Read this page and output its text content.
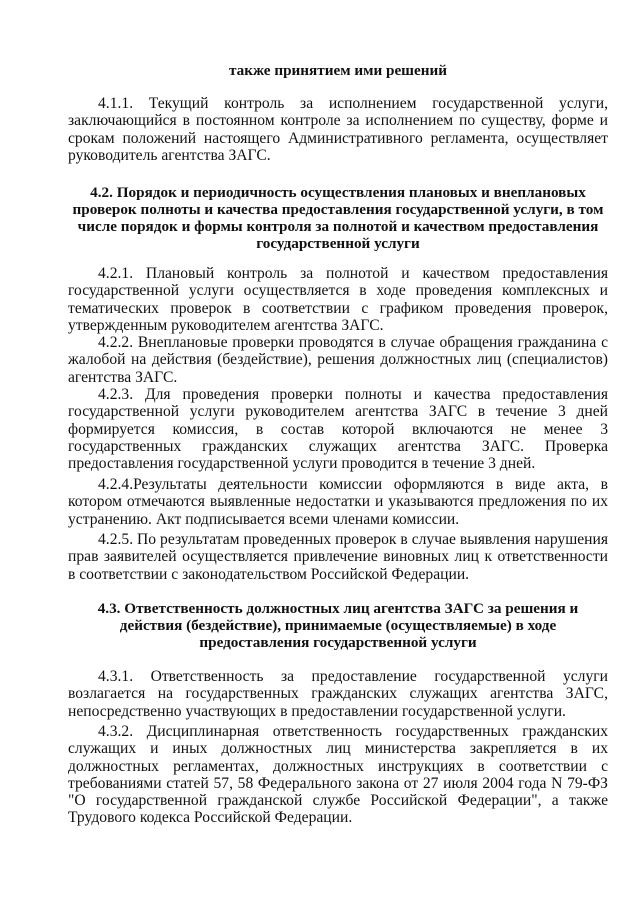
также принятием ими решений

4.1.1. Текущий контроль за исполнением государственной услуги, заключающийся в постоянном контроле за исполнением по существу, форме и срокам положений настоящего Административного регламента, осуществляет руководитель агентства ЗАГС.

4.2. Порядок и периодичность осуществления плановых и внеплановых проверок полноты и качества предоставления государственной услуги, в том числе порядок и формы контроля за полнотой и качеством предоставления государственной услуги

4.2.1. Плановый контроль за полнотой и качеством предоставления государственной услуги осуществляется в ходе проведения комплексных и тематических проверок в соответствии с графиком проведения проверок, утвержденным руководителем агентства ЗАГС.

4.2.2. Внеплановые проверки проводятся в случае обращения гражданина с жалобой на действия (бездействие), решения должностных лиц (специалистов) агентства ЗАГС.

4.2.3. Для проведения проверки полноты и качества предоставления государственной услуги руководителем агентства ЗАГС в течение 3 дней формируется комиссия, в состав которой включаются не менее 3 государственных гражданских служащих агентства ЗАГС. Проверка предоставления государственной услуги проводится в течение 3 дней.

4.2.4.Результаты деятельности комиссии оформляются в виде акта, в котором отмечаются выявленные недостатки и указываются предложения по их устранению. Акт подписывается всеми членами комиссии.

4.2.5. По результатам проведенных проверок в случае выявления нарушения прав заявителей осуществляется привлечение виновных лиц к ответственности в соответствии с законодательством Российской Федерации.

4.3. Ответственность должностных лиц агентства ЗАГС за решения и действия (бездействие), принимаемые (осуществляемые) в ходе предоставления государственной услуги

4.3.1. Ответственность за предоставление государственной услуги возлагается на государственных гражданских служащих агентства ЗАГС, непосредственно участвующих в предоставлении государственной услуги.

4.3.2. Дисциплинарная ответственность государственных гражданских служащих и иных должностных лиц министерства закрепляется в их должностных регламентах, должностных инструкциях в соответствии с требованиями статей 57, 58 Федерального закона от 27 июля 2004 года N 79-ФЗ "О государственной гражданской службе Российской Федерации", а также Трудового кодекса Российской Федерации.
